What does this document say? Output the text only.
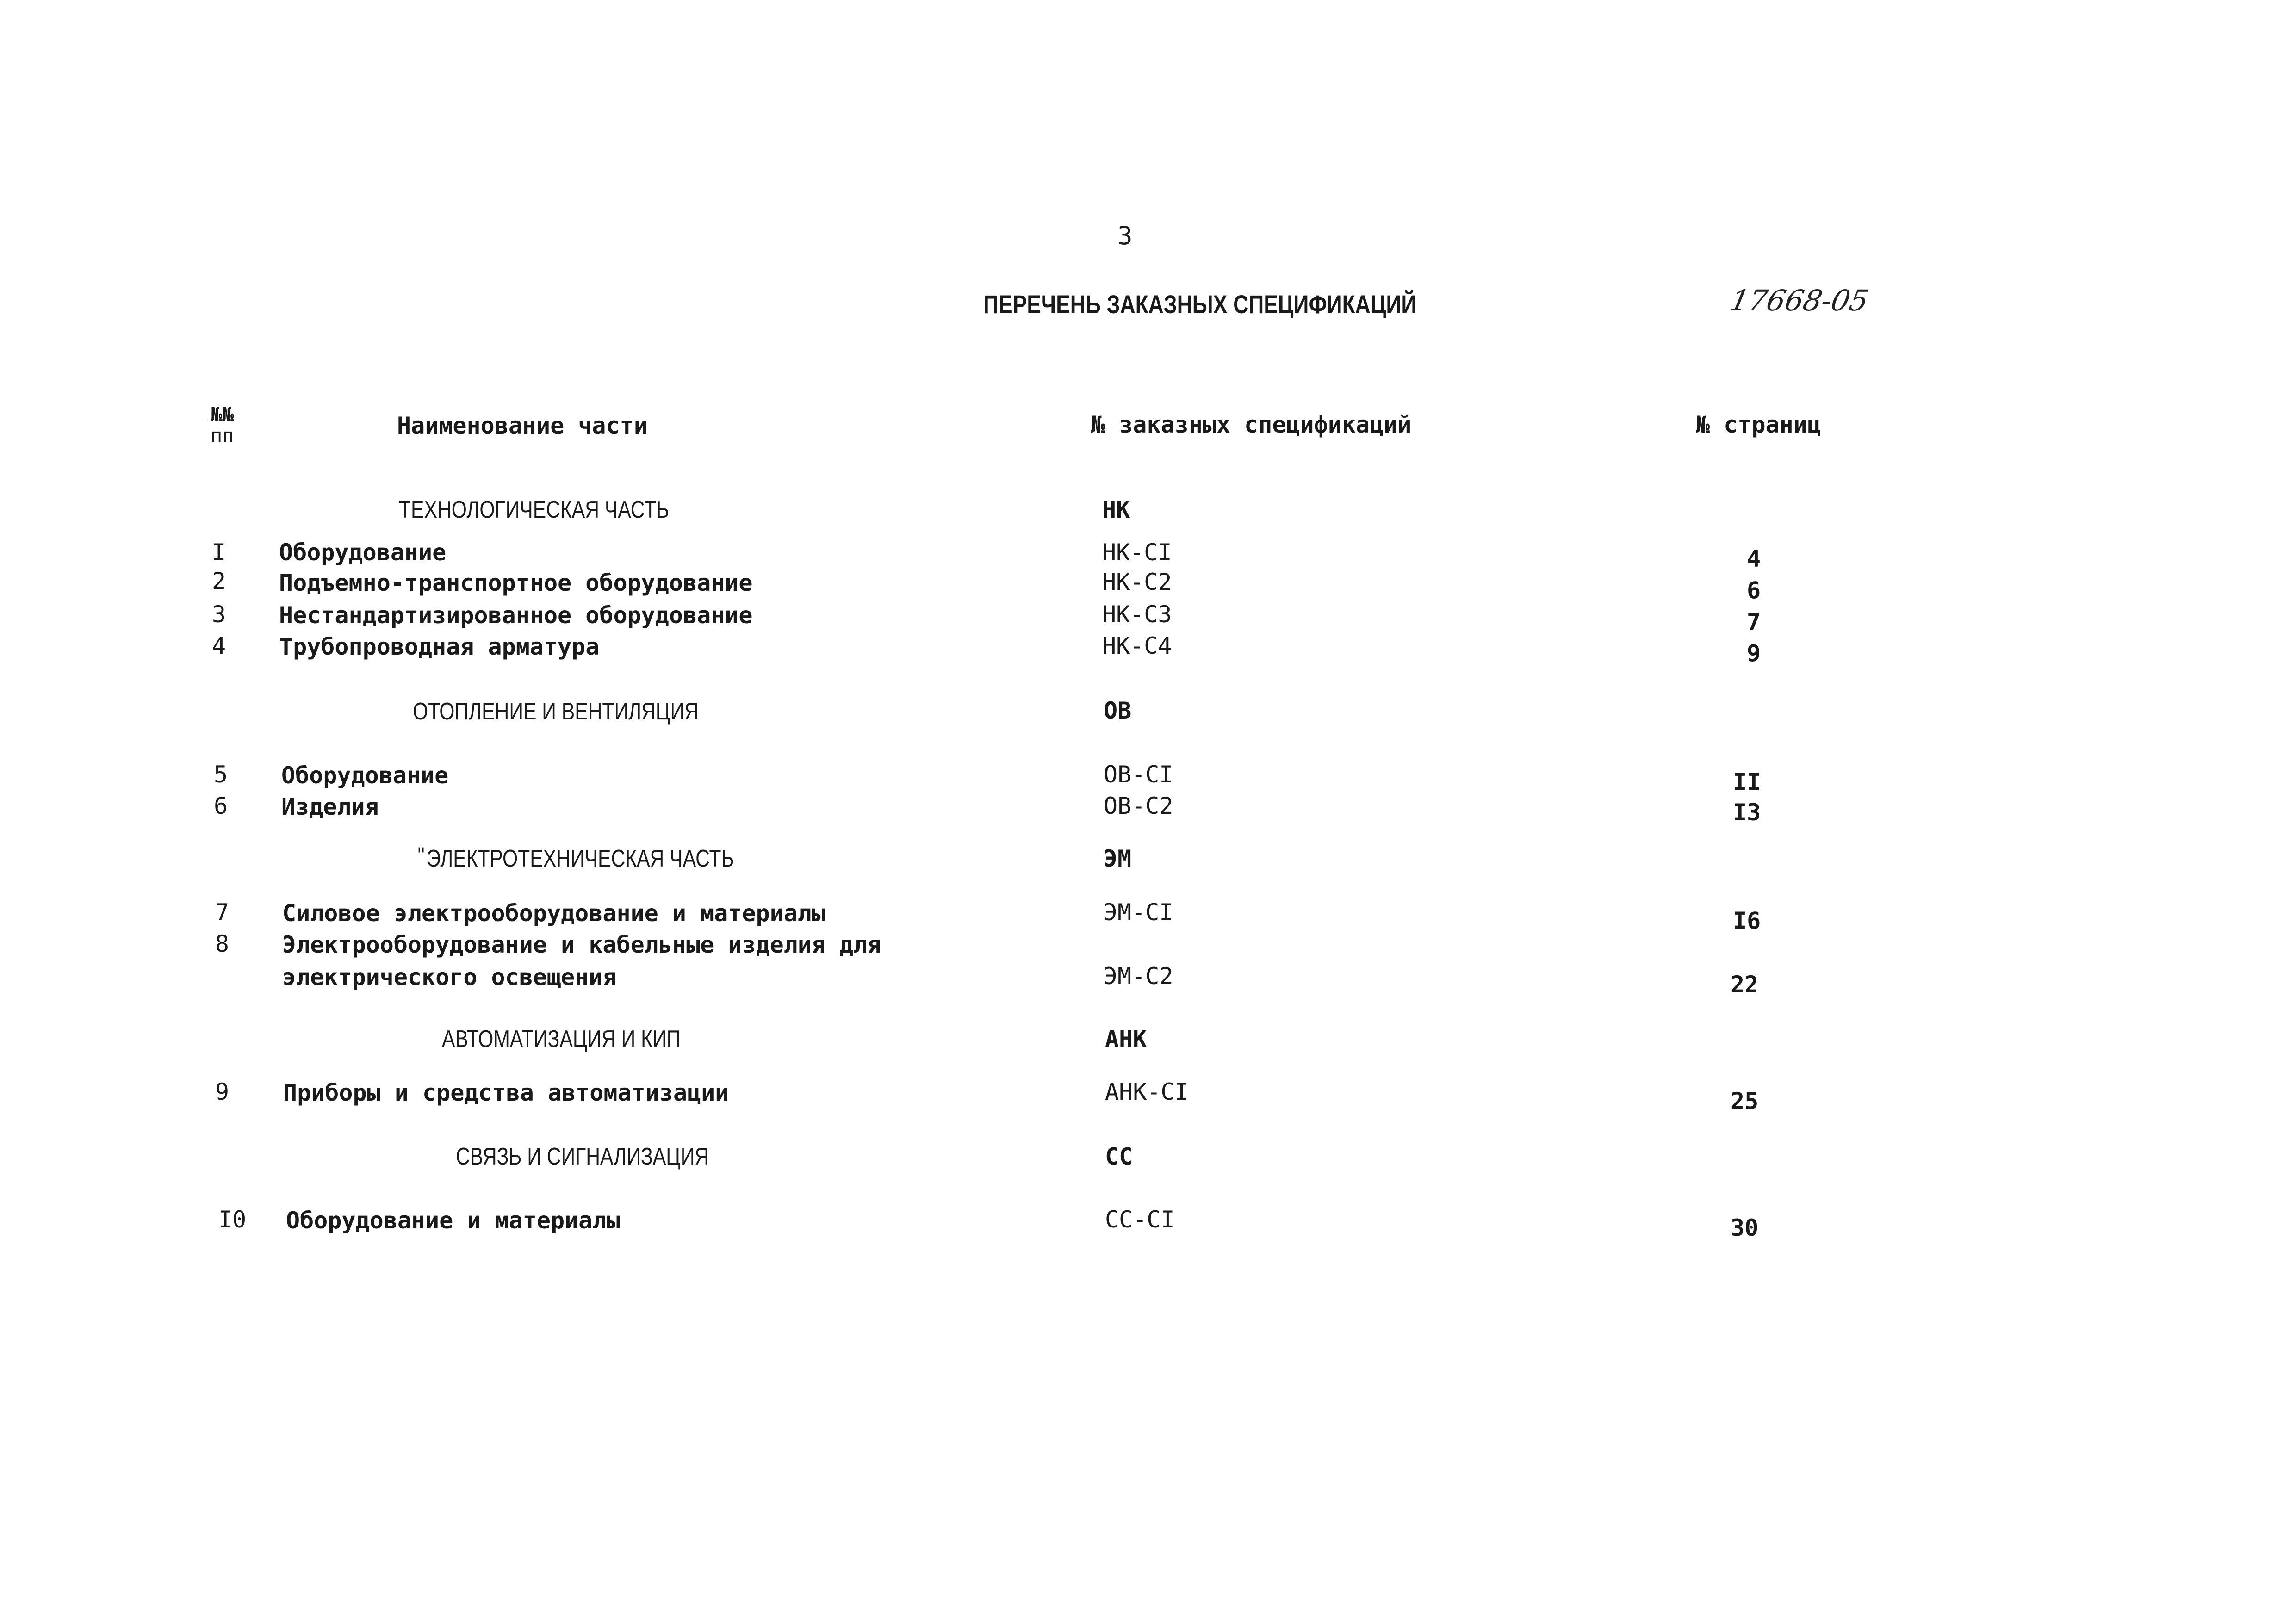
3
ПЕРЕЧЕНЬ ЗАКАЗНЫХ СПЕЦИФИКАЦИЙ	17668-05
№№
пп	Наименование части	№ заказных спецификаций	№ страниц
ТЕХНОЛОГИЧЕСКАЯ ЧАСТЬ	НК
I Оборудование	НК-СI	4
2 Подъемно-транспортное оборудование	НК-С2	6
3 Нестандартизированное оборудование	НК-С3	7
4 Трубопроводная арматура	НК-С4	9
ОТОПЛЕНИЕ И ВЕНТИЛЯЦИЯ	ОВ
5 Оборудование	ОВ-СI	II
6 Изделия	ОВ-С2	I3
" ЭЛЕКТРОТЕХНИЧЕСКАЯ ЧАСТЬ	ЭМ
7 Силовое электрооборудование и материалы	ЭМ-СI	I6
8 Электрооборудование и кабельные изделия для
электрического освещения	ЭМ-С2	22
АВТОМАТИЗАЦИЯ И КИП	АНК
9 Приборы и средства автоматизации	АНК-СI	25
СВЯЗЬ И СИГНАЛИЗАЦИЯ	СС
I0 Оборудование и материалы	СС-СI	30
